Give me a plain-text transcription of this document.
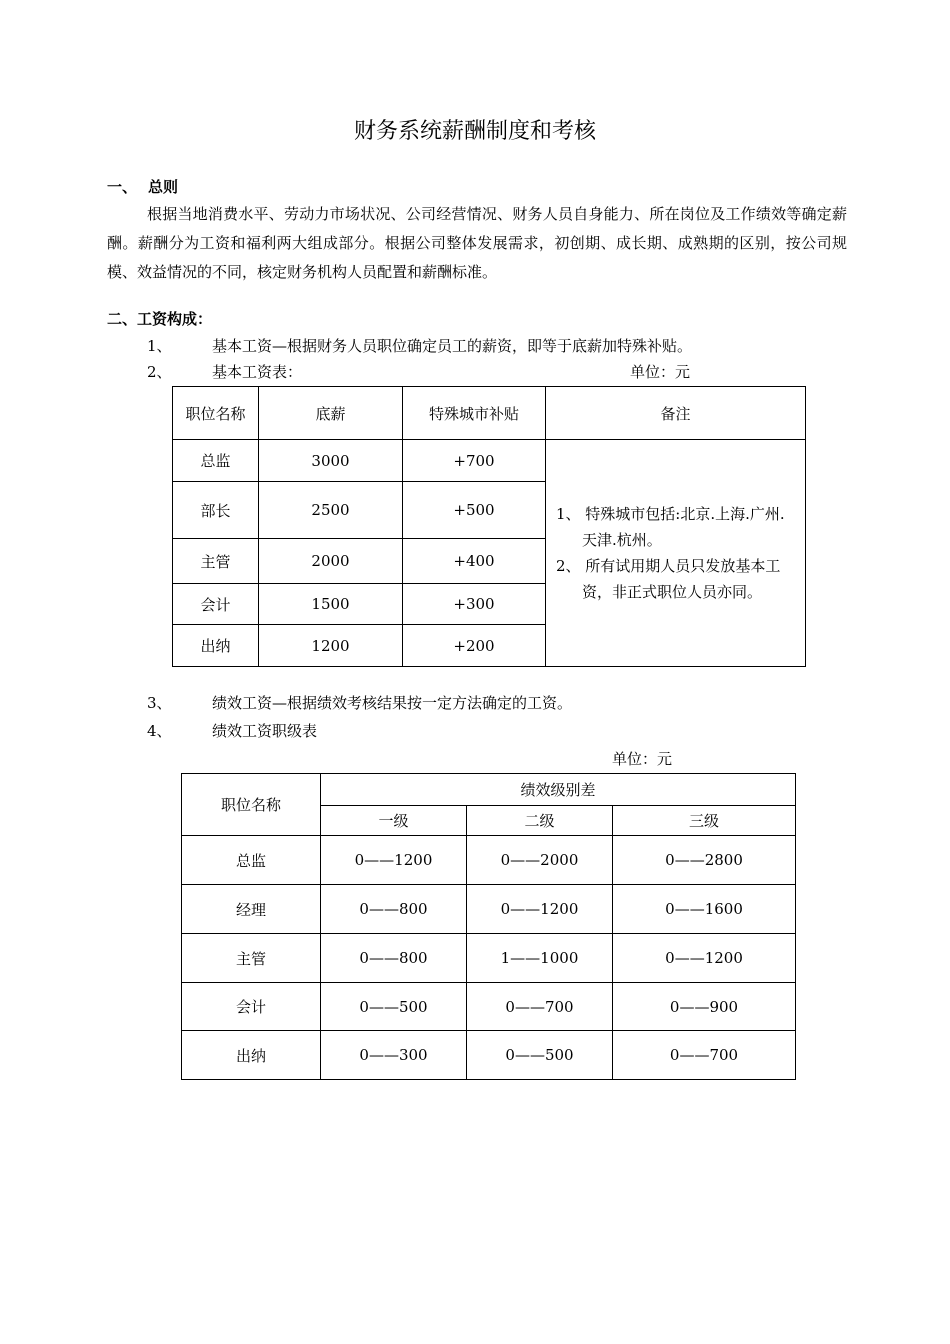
财务系统薪酬制度和考核
一、 总则
根据当地消费水平、劳动力市场状况、公司经营情况、财务人员自身能力、所在岗位及工作绩效等确定薪酬。薪酬分为工资和福利两大组成部分。根据公司整体发展需求，初创期、成长期、成熟期的区别，按公司规模、效益情况的不同，核定财务机构人员配置和薪酬标准。
二、工资构成：
1、	基本工资—根据财务人员职位确定员工的薪资，即等于底薪加特殊补贴。
2、	基本工资表：	单位：元
职位名称	底薪	特殊城市补贴	备注
总监	3000	+700	1、 特殊城市包括:北京.上海.广州.天津.杭州。
2、 所有试用期人员只发放基本工资，非正式职位人员亦同。

部长	2500	+500	
主管	2000	+400	
会计	1500	+300	
出纳	1200	+200	
3、	绩效工资—根据绩效考核结果按一定方法确定的工资。
4、	绩效工资职级表
单位：元
职位名称	绩效级别差		
	一级	二级	三级
总监	0——1200	0——2000	0——2800
经理	0——800	0——1200	0——1600
主管	0——800	1——1000	0——1200
会计	0——500	0——700	0——900
出纳	0——300	0——500	0——700
